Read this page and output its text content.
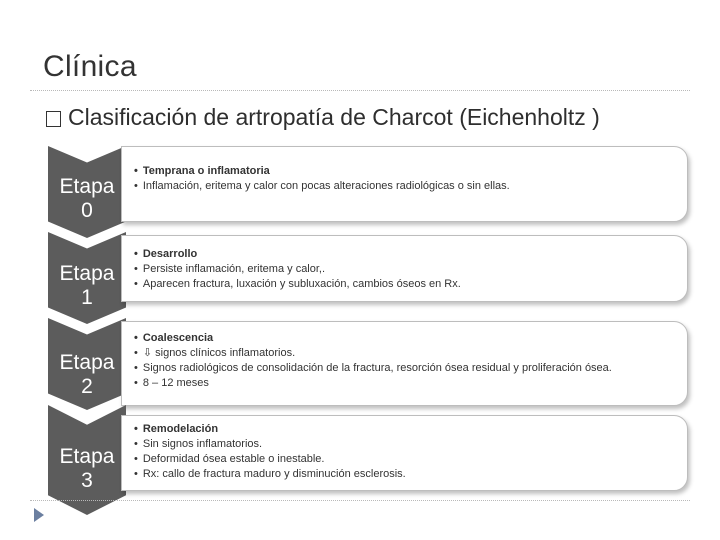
Clínica
Clasificación de artropatía de Charcot (Eichenholtz )
Etapa
0
• Temprana o inflamatoria
• Inflamación, eritema y calor con pocas alteraciones radiológicas o sin ellas.
Etapa
1
• Desarrollo
• Persiste inflamación, eritema y calor,.
• Aparecen fractura, luxación y subluxación, cambios óseos en Rx.
Etapa
2
• Coalescencia
• ⇩ signos clínicos inflamatorios.
• Signos radiológicos de consolidación de la fractura, resorción ósea residual y proliferación ósea.
• 8 – 12 meses
Etapa
3
• Remodelación
• Sin signos inflamatorios.
• Deformidad ósea estable o inestable.
• Rx: callo de fractura maduro y disminución esclerosis.
